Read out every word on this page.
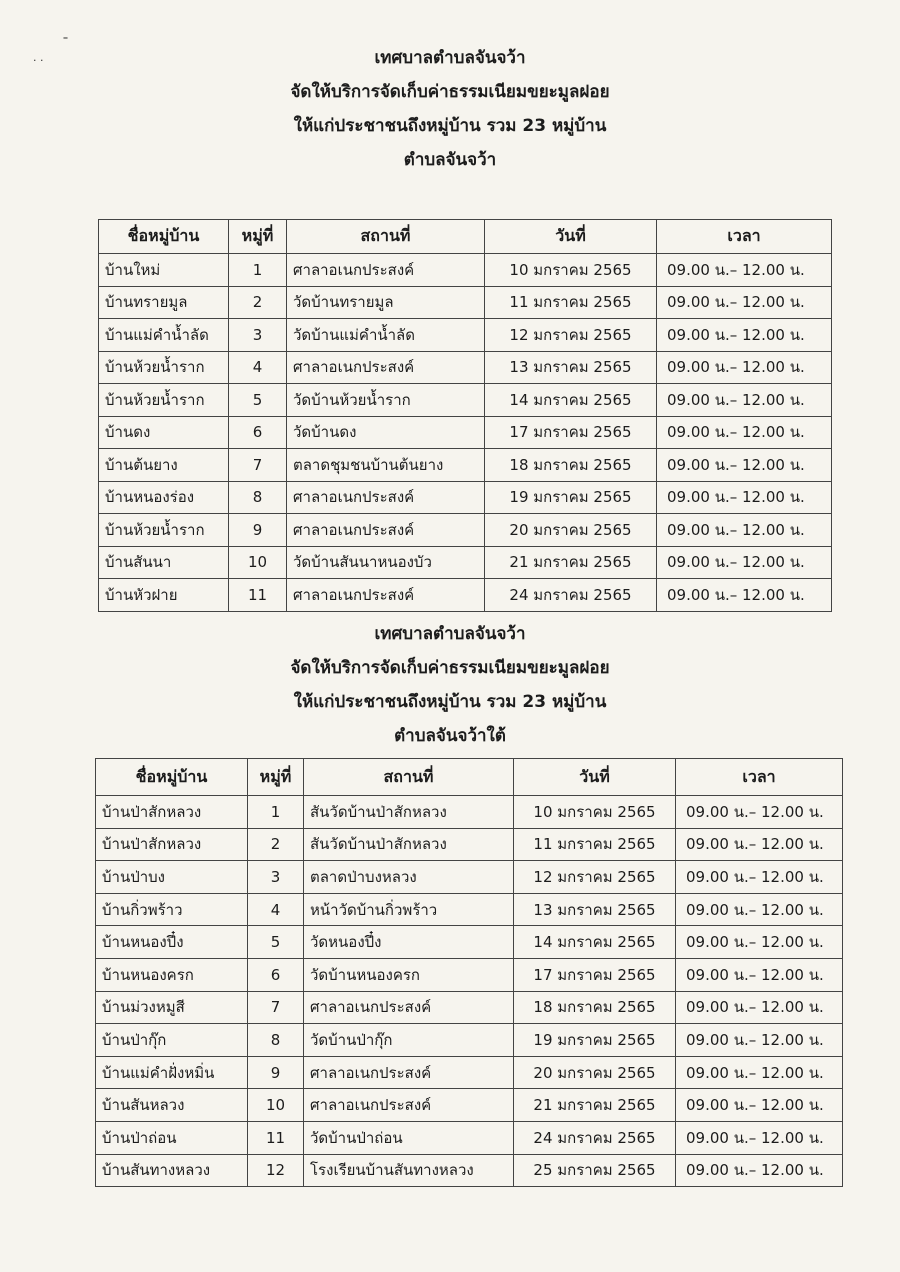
ˉ
· ·	เทศบาลตำบลจันจว้า
จัดให้บริการจัดเก็บค่าธรรมเนียมขยะมูลฝอย
ให้แก่ประชาชนถึงหมู่บ้าน รวม 23 หมู่บ้าน
ตำบลจันจว้า
ชื่อหมู่บ้าน	หมู่ที่	สถานที่	วันที่	เวลา
บ้านใหม่	1	ศาลาอเนกประสงค์	10 มกราคม 2565	09.00 น.– 12.00 น.
บ้านทรายมูล	2	วัดบ้านทรายมูล	11 มกราคม 2565	09.00 น.– 12.00 น.
บ้านแม่คำน้ำลัด	3	วัดบ้านแม่คำน้ำลัด	12 มกราคม 2565	09.00 น.– 12.00 น.
บ้านห้วยน้ำราก	4	ศาลาอเนกประสงค์	13 มกราคม 2565	09.00 น.– 12.00 น.
บ้านห้วยน้ำราก	5	วัดบ้านห้วยน้ำราก	14 มกราคม 2565	09.00 น.– 12.00 น.
บ้านดง	6	วัดบ้านดง	17 มกราคม 2565	09.00 น.– 12.00 น.
บ้านต้นยาง	7	ตลาดชุมชนบ้านต้นยาง	18 มกราคม 2565	09.00 น.– 12.00 น.
บ้านหนองร่อง	8	ศาลาอเนกประสงค์	19 มกราคม 2565	09.00 น.– 12.00 น.
บ้านห้วยน้ำราก	9	ศาลาอเนกประสงค์	20 มกราคม 2565	09.00 น.– 12.00 น.
บ้านสันนา	10	วัดบ้านสันนาหนองบัว	21 มกราคม 2565	09.00 น.– 12.00 น.
บ้านหัวฝาย	11	ศาลาอเนกประสงค์	24 มกราคม 2565	09.00 น.– 12.00 น.
เทศบาลตำบลจันจว้า
จัดให้บริการจัดเก็บค่าธรรมเนียมขยะมูลฝอย
ให้แก่ประชาชนถึงหมู่บ้าน รวม 23 หมู่บ้าน
ตำบลจันจว้าใต้
ชื่อหมู่บ้าน	หมู่ที่	สถานที่	วันที่	เวลา
บ้านป่าสักหลวง	1	สันวัดบ้านป่าสักหลวง	10 มกราคม 2565	09.00 น.– 12.00 น.
บ้านป่าสักหลวง	2	สันวัดบ้านป่าสักหลวง	11 มกราคม 2565	09.00 น.– 12.00 น.
บ้านป่าบง	3	ตลาดป่าบงหลวง	12 มกราคม 2565	09.00 น.– 12.00 น.
บ้านกิ่วพร้าว	4	หน้าวัดบ้านกิ่วพร้าว	13 มกราคม 2565	09.00 น.– 12.00 น.
บ้านหนองปึ๋ง	5	วัดหนองปึ๋ง	14 มกราคม 2565	09.00 น.– 12.00 น.
บ้านหนองครก	6	วัดบ้านหนองครก	17 มกราคม 2565	09.00 น.– 12.00 น.
บ้านม่วงหมูสี	7	ศาลาอเนกประสงค์	18 มกราคม 2565	09.00 น.– 12.00 น.
บ้านป่ากุ๊ก	8	วัดบ้านป่ากุ๊ก	19 มกราคม 2565	09.00 น.– 12.00 น.
บ้านแม่คำฝั่งหมิ่น	9	ศาลาอเนกประสงค์	20 มกราคม 2565	09.00 น.– 12.00 น.
บ้านสันหลวง	10	ศาลาอเนกประสงค์	21 มกราคม 2565	09.00 น.– 12.00 น.
บ้านป่าถ่อน	11	วัดบ้านป่าถ่อน	24 มกราคม 2565	09.00 น.– 12.00 น.
บ้านสันทางหลวง	12	โรงเรียนบ้านสันทางหลวง	25 มกราคม 2565	09.00 น.– 12.00 น.
